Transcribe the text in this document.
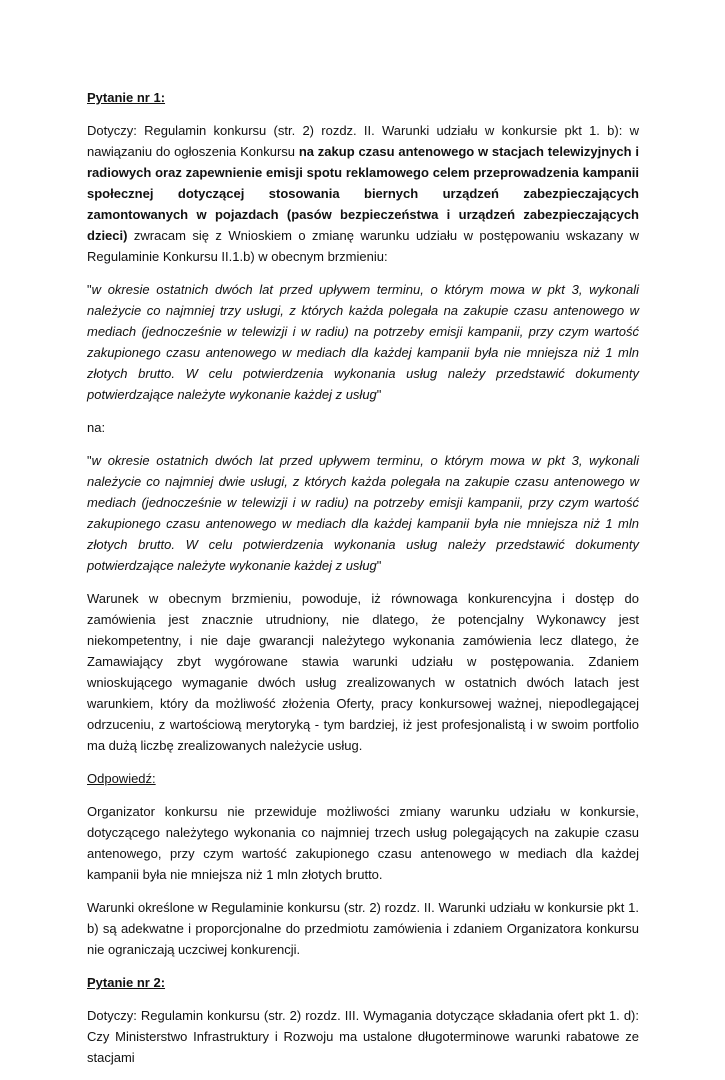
Pytanie nr 1:

Dotyczy: Regulamin konkursu (str. 2) rozdz. II. Warunki udziału w konkursie pkt 1. b): w nawiązaniu do ogłoszenia Konkursu na zakup czasu antenowego w stacjach telewizyjnych i radiowych oraz zapewnienie emisji spotu reklamowego celem przeprowadzenia kampanii społecznej dotyczącej stosowania biernych urządzeń zabezpieczających zamontowanych w pojazdach (pasów bezpieczeństwa i urządzeń zabezpieczających dzieci) zwracam się z Wnioskiem o zmianę warunku udziału w postępowaniu wskazany w Regulaminie Konkursu II.1.b) w obecnym brzmieniu:

"w okresie ostatnich dwóch lat przed upływem terminu, o którym mowa w pkt 3, wykonali należycie co najmniej trzy usługi, z których każda polegała na zakupie czasu antenowego w mediach (jednocześnie w telewizji i w radiu) na potrzeby emisji kampanii, przy czym wartość zakupionego czasu antenowego w mediach dla każdej kampanii była nie mniejsza niż 1 mln złotych brutto. W celu potwierdzenia wykonania usług należy przedstawić dokumenty potwierdzające należyte wykonanie każdej z usług"

na:

"w okresie ostatnich dwóch lat przed upływem terminu, o którym mowa w pkt 3, wykonali należycie co najmniej dwie usługi, z których każda polegała na zakupie czasu antenowego w mediach (jednocześnie w telewizji i w radiu) na potrzeby emisji kampanii, przy czym wartość zakupionego czasu antenowego w mediach dla każdej kampanii była nie mniejsza niż 1 mln złotych brutto. W celu potwierdzenia wykonania usług należy przedstawić dokumenty potwierdzające należyte wykonanie każdej z usług"

Warunek w obecnym brzmieniu, powoduje, iż równowaga konkurencyjna i dostęp do zamówienia jest znacznie utrudniony, nie dlatego, że potencjalny Wykonawcy jest niekompetentny, i nie daje gwarancji należytego wykonania zamówienia lecz dlatego, że Zamawiający zbyt wygórowane stawia warunki udziału w postępowania. Zdaniem wnioskującego wymaganie dwóch usług zrealizowanych w ostatnich dwóch latach jest warunkiem, który da możliwość złożenia Oferty, pracy konkursowej ważnej, niepodlegającej odrzuceniu, z wartościową merytoryką - tym bardziej, iż jest profesjonalistą i w swoim portfolio ma dużą liczbę zrealizowanych należycie usług.

Odpowiedź:

Organizator konkursu nie przewiduje możliwości zmiany warunku udziału w konkursie, dotyczącego należytego wykonania co najmniej trzech usług polegających na zakupie czasu antenowego, przy czym wartość zakupionego czasu antenowego w mediach dla każdej kampanii była nie mniejsza niż 1 mln złotych brutto.

Warunki określone w Regulaminie konkursu (str. 2) rozdz. II. Warunki udziału w konkursie pkt 1. b) są adekwatne i proporcjonalne do przedmiotu zamówienia i zdaniem Organizatora konkursu nie ograniczają uczciwej konkurencji.

Pytanie nr 2:

Dotyczy: Regulamin konkursu (str. 2) rozdz. III. Wymagania dotyczące składania ofert pkt 1. d): Czy Ministerstwo Infrastruktury i Rozwoju ma ustalone długoterminowe warunki rabatowe ze stacjami
